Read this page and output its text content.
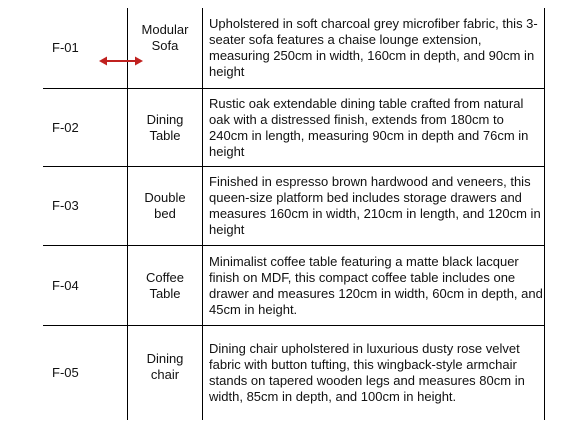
F-01
Modular
Sofa
Upholstered in soft charcoal grey microfiber fabric, this 3-seater sofa features a chaise lounge extension, measuring 250cm in width, 160cm in depth, and 90cm in height
F-02
Dining
Table
Rustic oak extendable dining table crafted from natural oak with a distressed finish, extends from 180cm to 240cm in length, measuring 90cm in depth and 76cm in height
F-03
Double
bed
Finished in espresso brown hardwood and veneers, this queen-size platform bed includes storage drawers and measures 160cm in width, 210cm in length, and 120cm in height
F-04
Coffee
Table
Minimalist coffee table featuring a matte black lacquer finish on MDF, this compact coffee table includes one drawer and measures 120cm in width, 60cm in depth, and 45cm in height.
F-05
Dining
chair
Dining chair upholstered in luxurious dusty rose velvet fabric with button tufting, this wingback-style armchair stands on tapered wooden legs and measures 80cm in width, 85cm in depth, and 100cm in height.
